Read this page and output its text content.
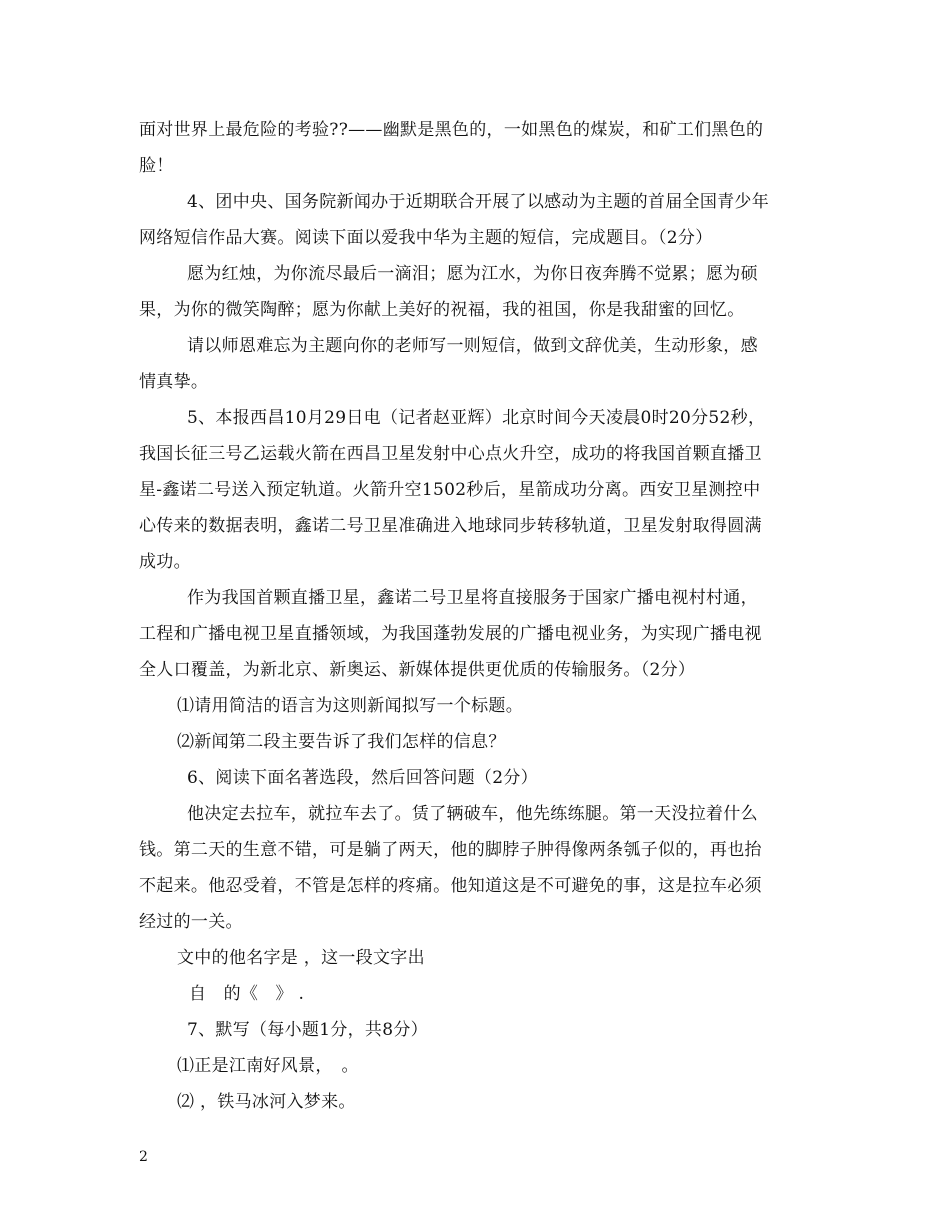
面对世界上最危险的考验??——幽默是黑色的，一如黑色的煤炭，和矿工们黑色的
脸！
4、团中央、国务院新闻办于近期联合开展了以感动为主题的首届全国青少年
网络短信作品大赛。阅读下面以爱我中华为主题的短信，完成题目。（2分）
愿为红烛，为你流尽最后一滴泪；愿为江水，为你日夜奔腾不觉累；愿为硕
果，为你的微笑陶醉；愿为你献上美好的祝福，我的祖国，你是我甜蜜的回忆。
请以师恩难忘为主题向你的老师写一则短信，做到文辞优美，生动形象，感
情真挚。
5、本报西昌10月29日电（记者赵亚辉）北京时间今天凌晨0时20分52秒，
我国长征三号乙运载火箭在西昌卫星发射中心点火升空，成功的将我国首颗直播卫
星-鑫诺二号送入预定轨道。火箭升空1502秒后，星箭成功分离。西安卫星测控中
心传来的数据表明，鑫诺二号卫星准确进入地球同步转移轨道，卫星发射取得圆满
成功。
作为我国首颗直播卫星，鑫诺二号卫星将直接服务于国家广播电视村村通，
工程和广播电视卫星直播领域，为我国蓬勃发展的广播电视业务，为实现广播电视
全人口覆盖，为新北京、新奥运、新媒体提供更优质的传输服务。（2分）
⑴请用简洁的语言为这则新闻拟写一个标题。
⑵新闻第二段主要告诉了我们怎样的信息？
6、阅读下面名著选段，然后回答问题（2分）
他决定去拉车，就拉车去了。赁了辆破车，他先练练腿。第一天没拉着什么
钱。第二天的生意不错，可是躺了两天，他的脚脖子肿得像两条瓠子似的，再也抬
不起来。他忍受着，不管是怎样的疼痛。他知道这是不可避免的事，这是拉车必须
经过的一关。
文中的他名字是 ，这一段文字出
自　的《　》 .
7、默写（每小题1分，共8分）
⑴正是江南好风景，　。
⑵ ，铁马冰河入梦来。
2
